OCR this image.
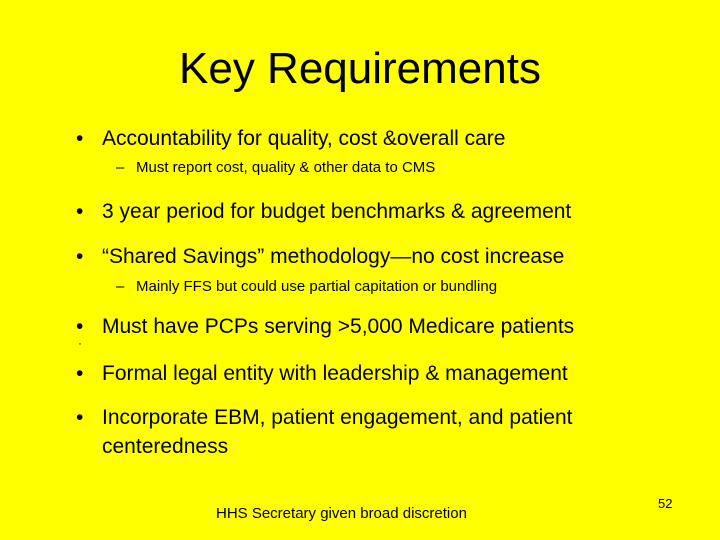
Key Requirements
• Accountability for quality, cost &overall care
– Must report cost, quality & other data to CMS
• 3 year period for budget benchmarks & agreement
• “Shared Savings” methodology—no cost increase
– Mainly FFS but could use partial capitation or bundling
• Must have PCPs serving >5,000 Medicare patients
·
• Formal legal entity with leadership & management
• Incorporate EBM, patient engagement, and patient
centeredness
HHS Secretary given broad discretion
52
